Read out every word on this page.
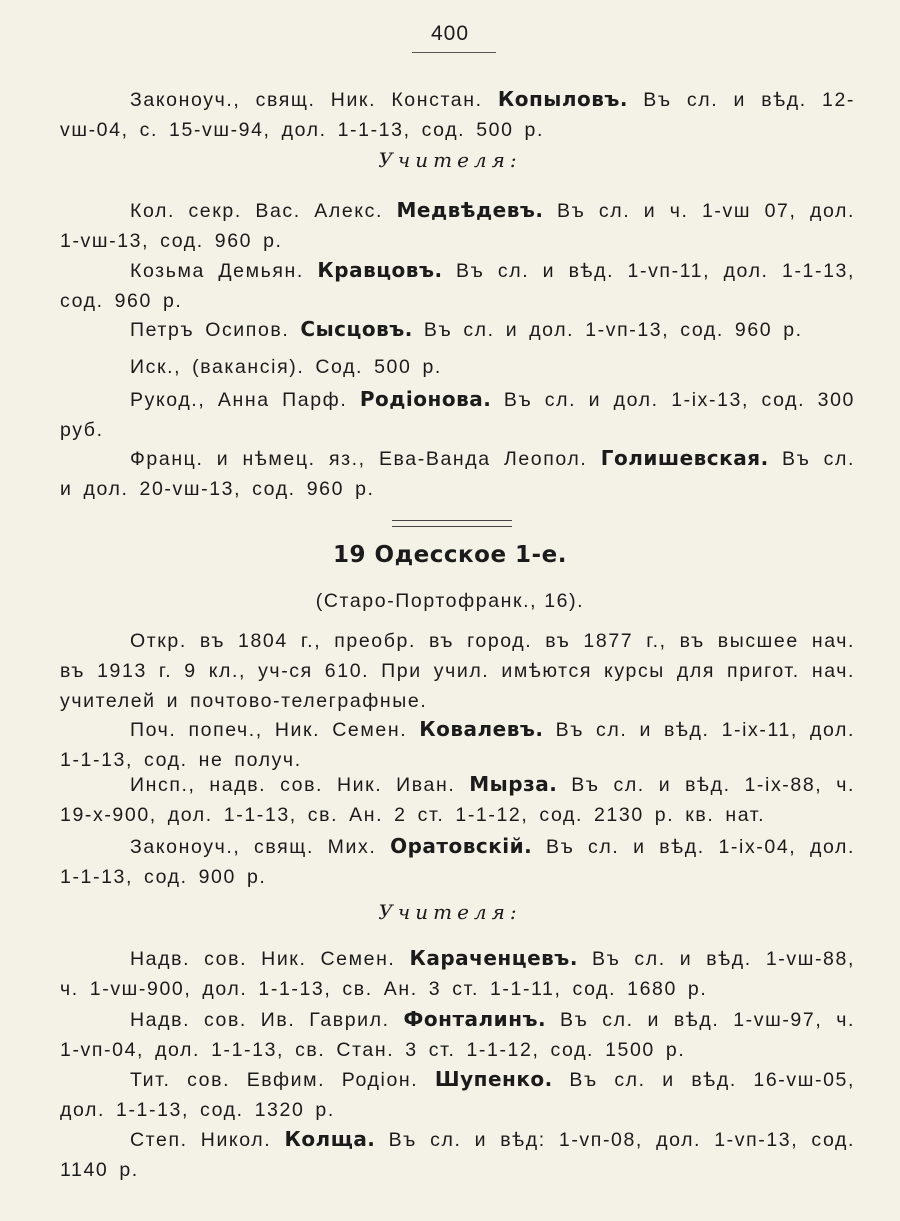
400
Законоуч., свящ. Ник. Констан. Копыловъ. Въ сл. и вѣд. 12-vш-04, с. 15-vш-94, дол. 1-1-13, сод. 500 р.
Учителя:
Кол. секр. Вас. Алекс. Медвѣдевъ. Въ сл. и ч. 1-vш 07, дол. 1-vш-13, сод. 960 р.
Козьма Демьян. Кравцовъ. Въ сл. и вѣд. 1-vп-11, дол. 1-1-13, сод. 960 р.
Петръ Осипов. Сысцовъ. Въ сл. и дол. 1-vп-13, сод. 960 р.
Иск., (вакансія). Сод. 500 р.
Рукод., Анна Парф. Родіонова. Въ сл. и дол. 1-ix-13, сод. 300 руб.
Франц. и нѣмец. яз., Ева-Ванда Леопол. Голишевская. Въ сл. и дол. 20-vш-13, сод. 960 р.
19 Одесское 1-е.
(Старо-Портофранк., 16).
Откр. въ 1804 г., преобр. въ город. въ 1877 г., въ высшее нач. въ 1913 г. 9 кл., уч-ся 610. При учил. имѣются курсы для пригот. нач. учителей и почтово-телеграфные.
Поч. попеч., Ник. Семен. Ковалевъ. Въ сл. и вѣд. 1-ix-11, дол. 1-1-13, сод. не получ.
Инсп., надв. сов. Ник. Иван. Мырза. Въ сл. и вѣд. 1-ix-88, ч. 19-x-900, дол. 1-1-13, св. Ан. 2 ст. 1-1-12, сод. 2130 р. кв. нат.
Законоуч., свящ. Мих. Оратовскій. Въ сл. и вѣд. 1-ix-04, дол. 1-1-13, сод. 900 р.
Учителя:
Надв. сов. Ник. Семен. Караченцевъ. Въ сл. и вѣд. 1-vш-88, ч. 1-vш-900, дол. 1-1-13, св. Ан. 3 ст. 1-1-11, сод. 1680 р.
Надв. сов. Ив. Гаврил. Фонталинъ. Въ сл. и вѣд. 1-vш-97, ч. 1-vп-04, дол. 1-1-13, св. Стан. 3 ст. 1-1-12, сод. 1500 р.
Тит. сов. Евфим. Родіон. Шупенко. Въ сл. и вѣд. 16-vш-05, дол. 1-1-13, сод. 1320 р.
Степ. Никол. Колща. Въ сл. и вѣд: 1-vп-08, дол. 1-vп-13, сод. 1140 р.
